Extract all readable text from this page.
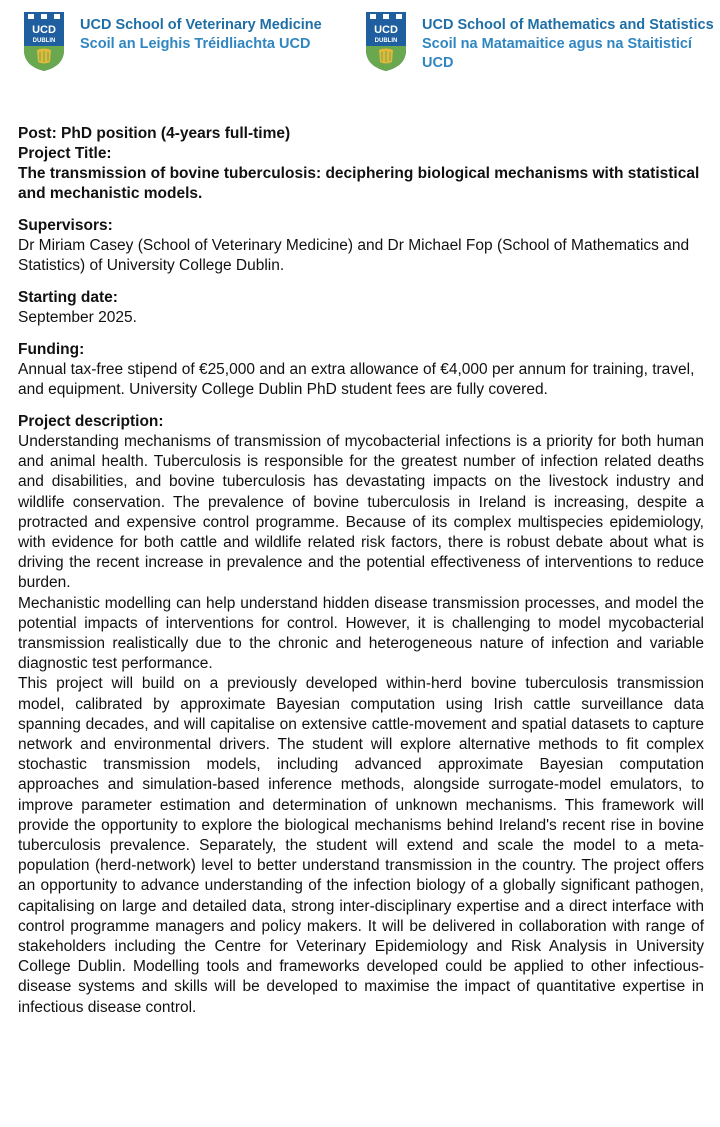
UCD
DUBLIN
UCD School of Veterinary Medicine
Scoil an Leighis Tréidliachta UCD
UCD
DUBLIN
UCD School of Mathematics and Statistics
Scoil na Matamaitice agus na Staitisticí UCD

Post: PhD position (4-years full-time)

Project Title:

The transmission of bovine tuberculosis: deciphering biological mechanisms with statistical and mechanistic models.

Supervisors:

Dr Miriam Casey (School of Veterinary Medicine) and Dr Michael Fop (School of Mathematics and Statistics) of University College Dublin.

Starting date:

September 2025.

Funding:

Annual tax-free stipend of €25,000 and an extra allowance of €4,000 per annum for training, travel, and equipment. University College Dublin PhD student fees are fully covered.

Project description:

Understanding mechanisms of transmission of mycobacterial infections is a priority for both human and animal health. Tuberculosis is responsible for the greatest number of infection related deaths and disabilities, and bovine tuberculosis has devastating impacts on the livestock industry and wildlife conservation. The prevalence of bovine tuberculosis in Ireland is increasing, despite a protracted and expensive control programme. Because of its complex multispecies epidemiology, with evidence for both cattle and wildlife related risk factors, there is robust debate about what is driving the recent increase in prevalence and the potential effectiveness of interventions to reduce burden.

Mechanistic modelling can help understand hidden disease transmission processes, and model the potential impacts of interventions for control. However, it is challenging to model mycobacterial transmission realistically due to the chronic and heterogeneous nature of infection and variable diagnostic test performance.

This project will build on a previously developed within-herd bovine tuberculosis transmission model, calibrated by approximate Bayesian computation using Irish cattle surveillance data spanning decades, and will capitalise on extensive cattle-movement and spatial datasets to capture network and environmental drivers. The student will explore alternative methods to fit complex stochastic transmission models, including advanced approximate Bayesian computation approaches and simulation-based inference methods, alongside surrogate-model emulators, to improve parameter estimation and determination of unknown mechanisms. This framework will provide the opportunity to explore the biological mechanisms behind Ireland's recent rise in bovine tuberculosis prevalence. Separately, the student will extend and scale the model to a meta-population (herd-network) level to better understand transmission in the country. The project offers an opportunity to advance understanding of the infection biology of a globally significant pathogen, capitalising on large and detailed data, strong inter-disciplinary expertise and a direct interface with control programme managers and policy makers. It will be delivered in collaboration with range of stakeholders including the Centre for Veterinary Epidemiology and Risk Analysis in University College Dublin. Modelling tools and frameworks developed could be applied to other infectious-disease systems and skills will be developed to maximise the impact of quantitative expertise in infectious disease control.
